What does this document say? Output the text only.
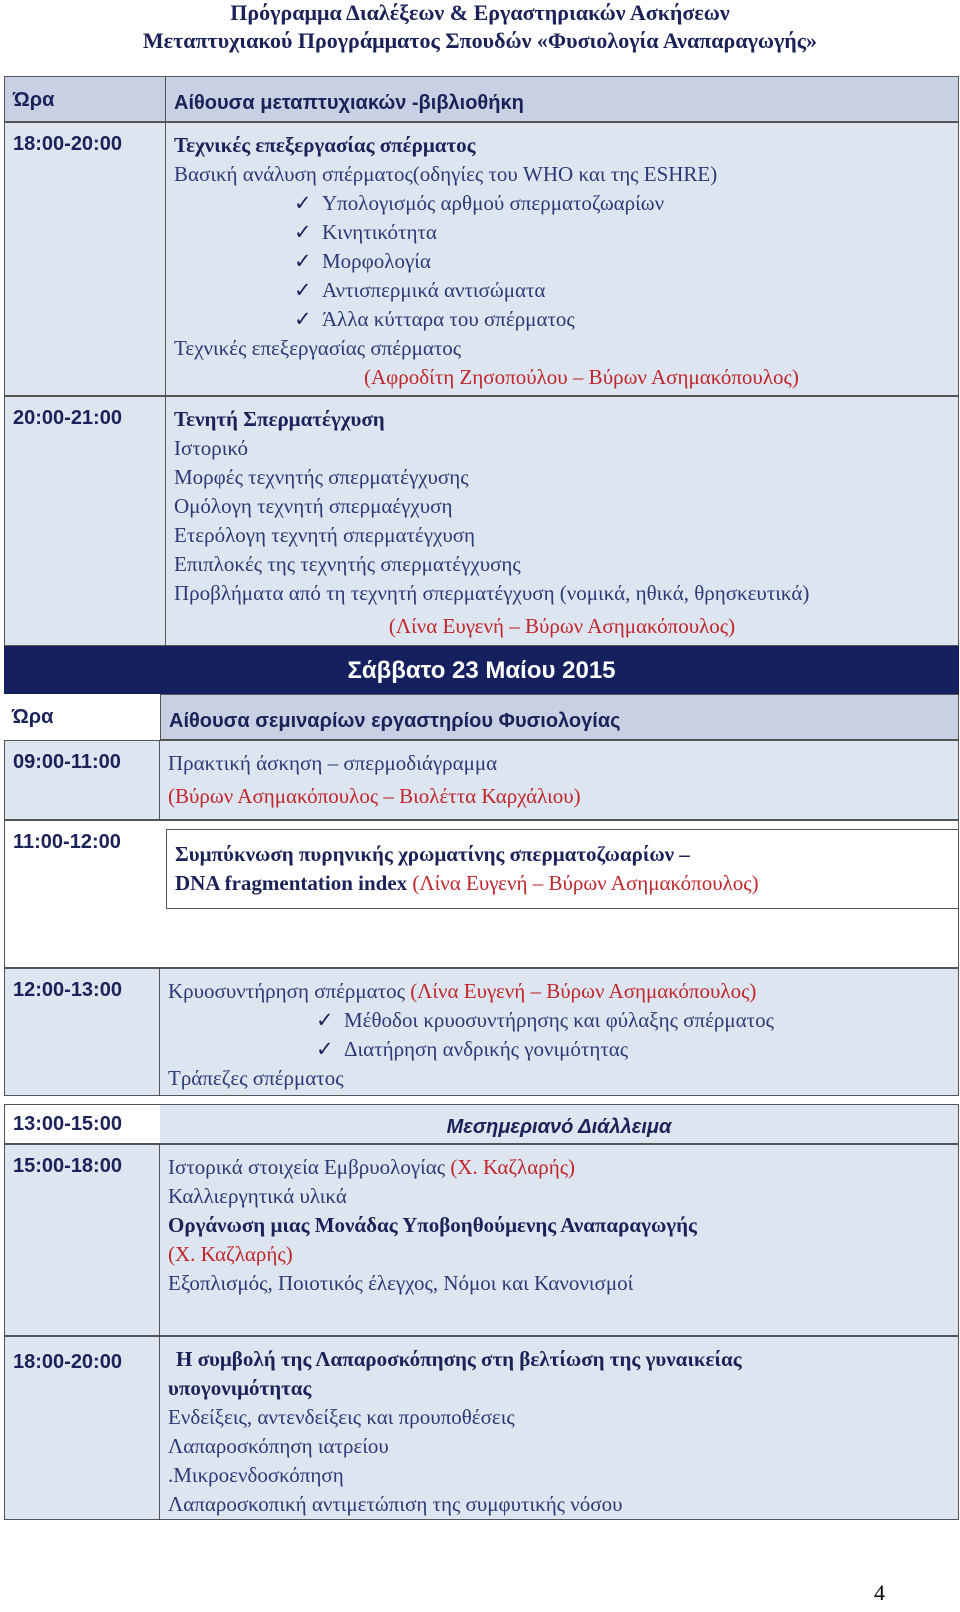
Πρόγραμμα Διαλέξεων & Εργαστηριακών Ασκήσεων
Μεταπτυχιακού Προγράμματος Σπουδών «Φυσιολογία Αναπαραγωγής»
Ώρα	Αίθουσα μεταπτυχιακών -βιβλιοθήκη
18:00-20:00	Τεχνικές επεξεργασίας σπέρματος
Βασική ανάλυση σπέρματος(οδηγίες του WHO και της ESHRE)
✓ Υπολογισμός αρθμού σπερματοζωαρίων
✓ Κινητικότητα
✓ Μορφολογία
✓ Αντισπερμικά αντισώματα
✓ Άλλα κύτταρα του σπέρματος
Τεχνικές επεξεργασίας σπέρματος
(Αφροδίτη Ζησοπούλου – Βύρων Ασημακόπουλος)
20:00-21:00	Τενητή Σπερματέγχυση
Ιστορικό
Μορφές τεχνητής σπερματέγχυσης
Ομόλογη τεχνητή σπερμαέγχυση
Ετερόλογη τεχνητή σπερματέγχυση
Επιπλοκές της τεχνητής σπερματέγχυσης
Προβλήματα από τη τεχνητή σπερματέγχυση (νομικά, ηθικά, θρησκευτικά)
(Λίνα Ευγενή – Βύρων Ασημακόπουλος)
Σάββατο 23 Μαίου 2015
Ώρα	Αίθουσα σεμιναρίων εργαστηρίου Φυσιολογίας
09:00-11:00	Πρακτική άσκηση – σπερμοδιάγραμμα
(Βύρων Ασημακόπουλος – Βιολέττα Καρχάλιου)
11:00-12:00	Συμπύκνωση πυρηνικής χρωματίνης σπερματοζωαρίων –
DNA fragmentation index (Λίνα Ευγενή – Βύρων Ασημακόπουλος)
12:00-13:00	Κρυοσυντήρηση σπέρματος (Λίνα Ευγενή – Βύρων Ασημακόπουλος)
✓ Μέθοδοι κρυοσυντήρησης και φύλαξης σπέρματος
✓ Διατήρηση ανδρικής γονιμότητας
Τράπεζες σπέρματος
13:00-15:00	Μεσημεριανό Διάλλειμα
15:00-18:00	Ιστορικά στοιχεία Εμβρυολογίας (Χ. Καζλαρής)
Καλλιεργητικά υλικά
Οργάνωση μιας Μονάδας Υποβοηθούμενης Αναπαραγωγής
(Χ. Καζλαρής)
Εξοπλισμός, Ποιοτικός έλεγχος, Νόμοι και Κανονισμοί
18:00-20:00	Η συμβολή της Λαπαροσκόπησης στη βελτίωση της γυναικείας
υπογονιμότητας
Ενδείξεις, αντενδείξεις και προυποθέσεις
Λαπαροσκόπηση ιατρείου
.Μικροενδοσκόπηση
Λαπαροσκοπική αντιμετώπιση της συμφυτικής νόσου
4
